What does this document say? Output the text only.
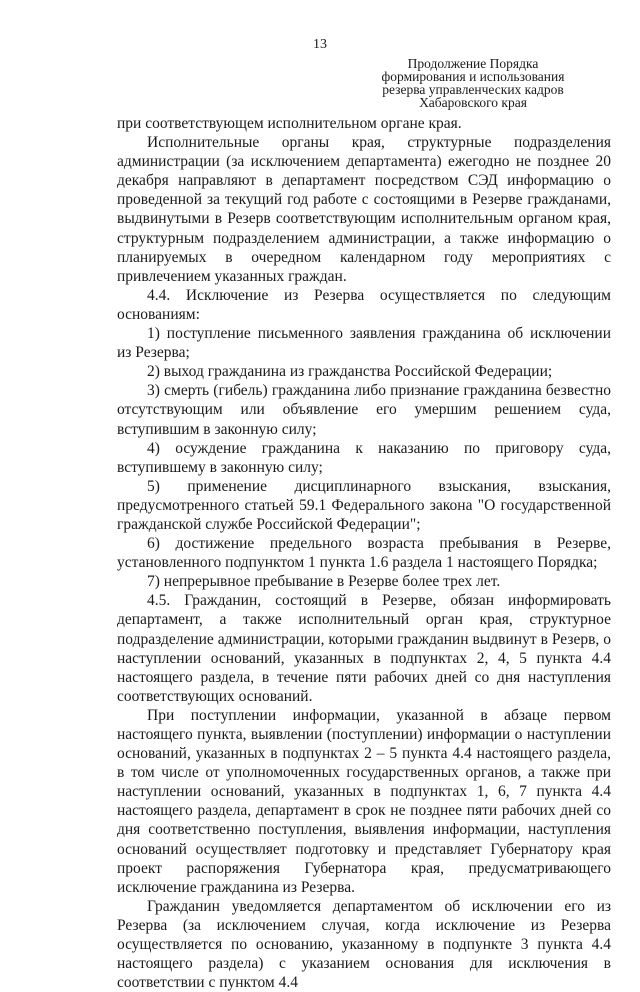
13
Продолжение Порядка
формирования и использования
резерва управленческих кадров
Хабаровского края

при соответствующем исполнительном органе края.

Исполнительные органы края, структурные подразделения администрации (за исключением департамента) ежегодно не позднее 20 декабря направляют в департамент посредством СЭД информацию о проведенной за текущий год работе с состоящими в Резерве гражданами, выдвинутыми в Резерв соответствующим исполнительным органом края, структурным подразделением администрации, а также информацию о планируемых в очередном календарном году мероприятиях с привлечением указанных граждан.

4.4. Исключение из Резерва осуществляется по следующим основаниям:

1) поступление письменного заявления гражданина об исключении из Резерва;

2) выход гражданина из гражданства Российской Федерации;

3) смерть (гибель) гражданина либо признание гражданина безвестно отсутствующим или объявление его умершим решением суда, вступившим в законную силу;

4) осуждение гражданина к наказанию по приговору суда, вступившему в законную силу;

5) применение дисциплинарного взыскания, взыскания, предусмотренного статьей 59.1 Федерального закона "О государственной гражданской службе Российской Федерации";

6) достижение предельного возраста пребывания в Резерве, установленного подпунктом 1 пункта 1.6 раздела 1 настоящего Порядка;

7) непрерывное пребывание в Резерве более трех лет.

4.5. Гражданин, состоящий в Резерве, обязан информировать департамент, а также исполнительный орган края, структурное подразделение администрации, которыми гражданин выдвинут в Резерв, о наступлении оснований, указанных в подпунктах 2, 4, 5 пункта 4.4 настоящего раздела, в течение пяти рабочих дней со дня наступления соответствующих оснований.

При поступлении информации, указанной в абзаце первом настоящего пункта, выявлении (поступлении) информации о наступлении оснований, указанных в подпунктах 2 – 5 пункта 4.4 настоящего раздела, в том числе от уполномоченных государственных органов, а также при наступлении оснований, указанных в подпунктах 1, 6, 7 пункта 4.4 настоящего раздела, департамент в срок не позднее пяти рабочих дней со дня соответственно поступления, выявления информации, наступления оснований осуществляет подготовку и представляет Губернатору края проект распоряжения Губернатора края, предусматривающего исключение гражданина из Резерва.

Гражданин уведомляется департаментом об исключении его из Резерва (за исключением случая, когда исключение из Резерва осуществляется по основанию, указанному в подпункте 3 пункта 4.4 настоящего раздела) с указанием основания для исключения в соответствии с пунктом 4.4
